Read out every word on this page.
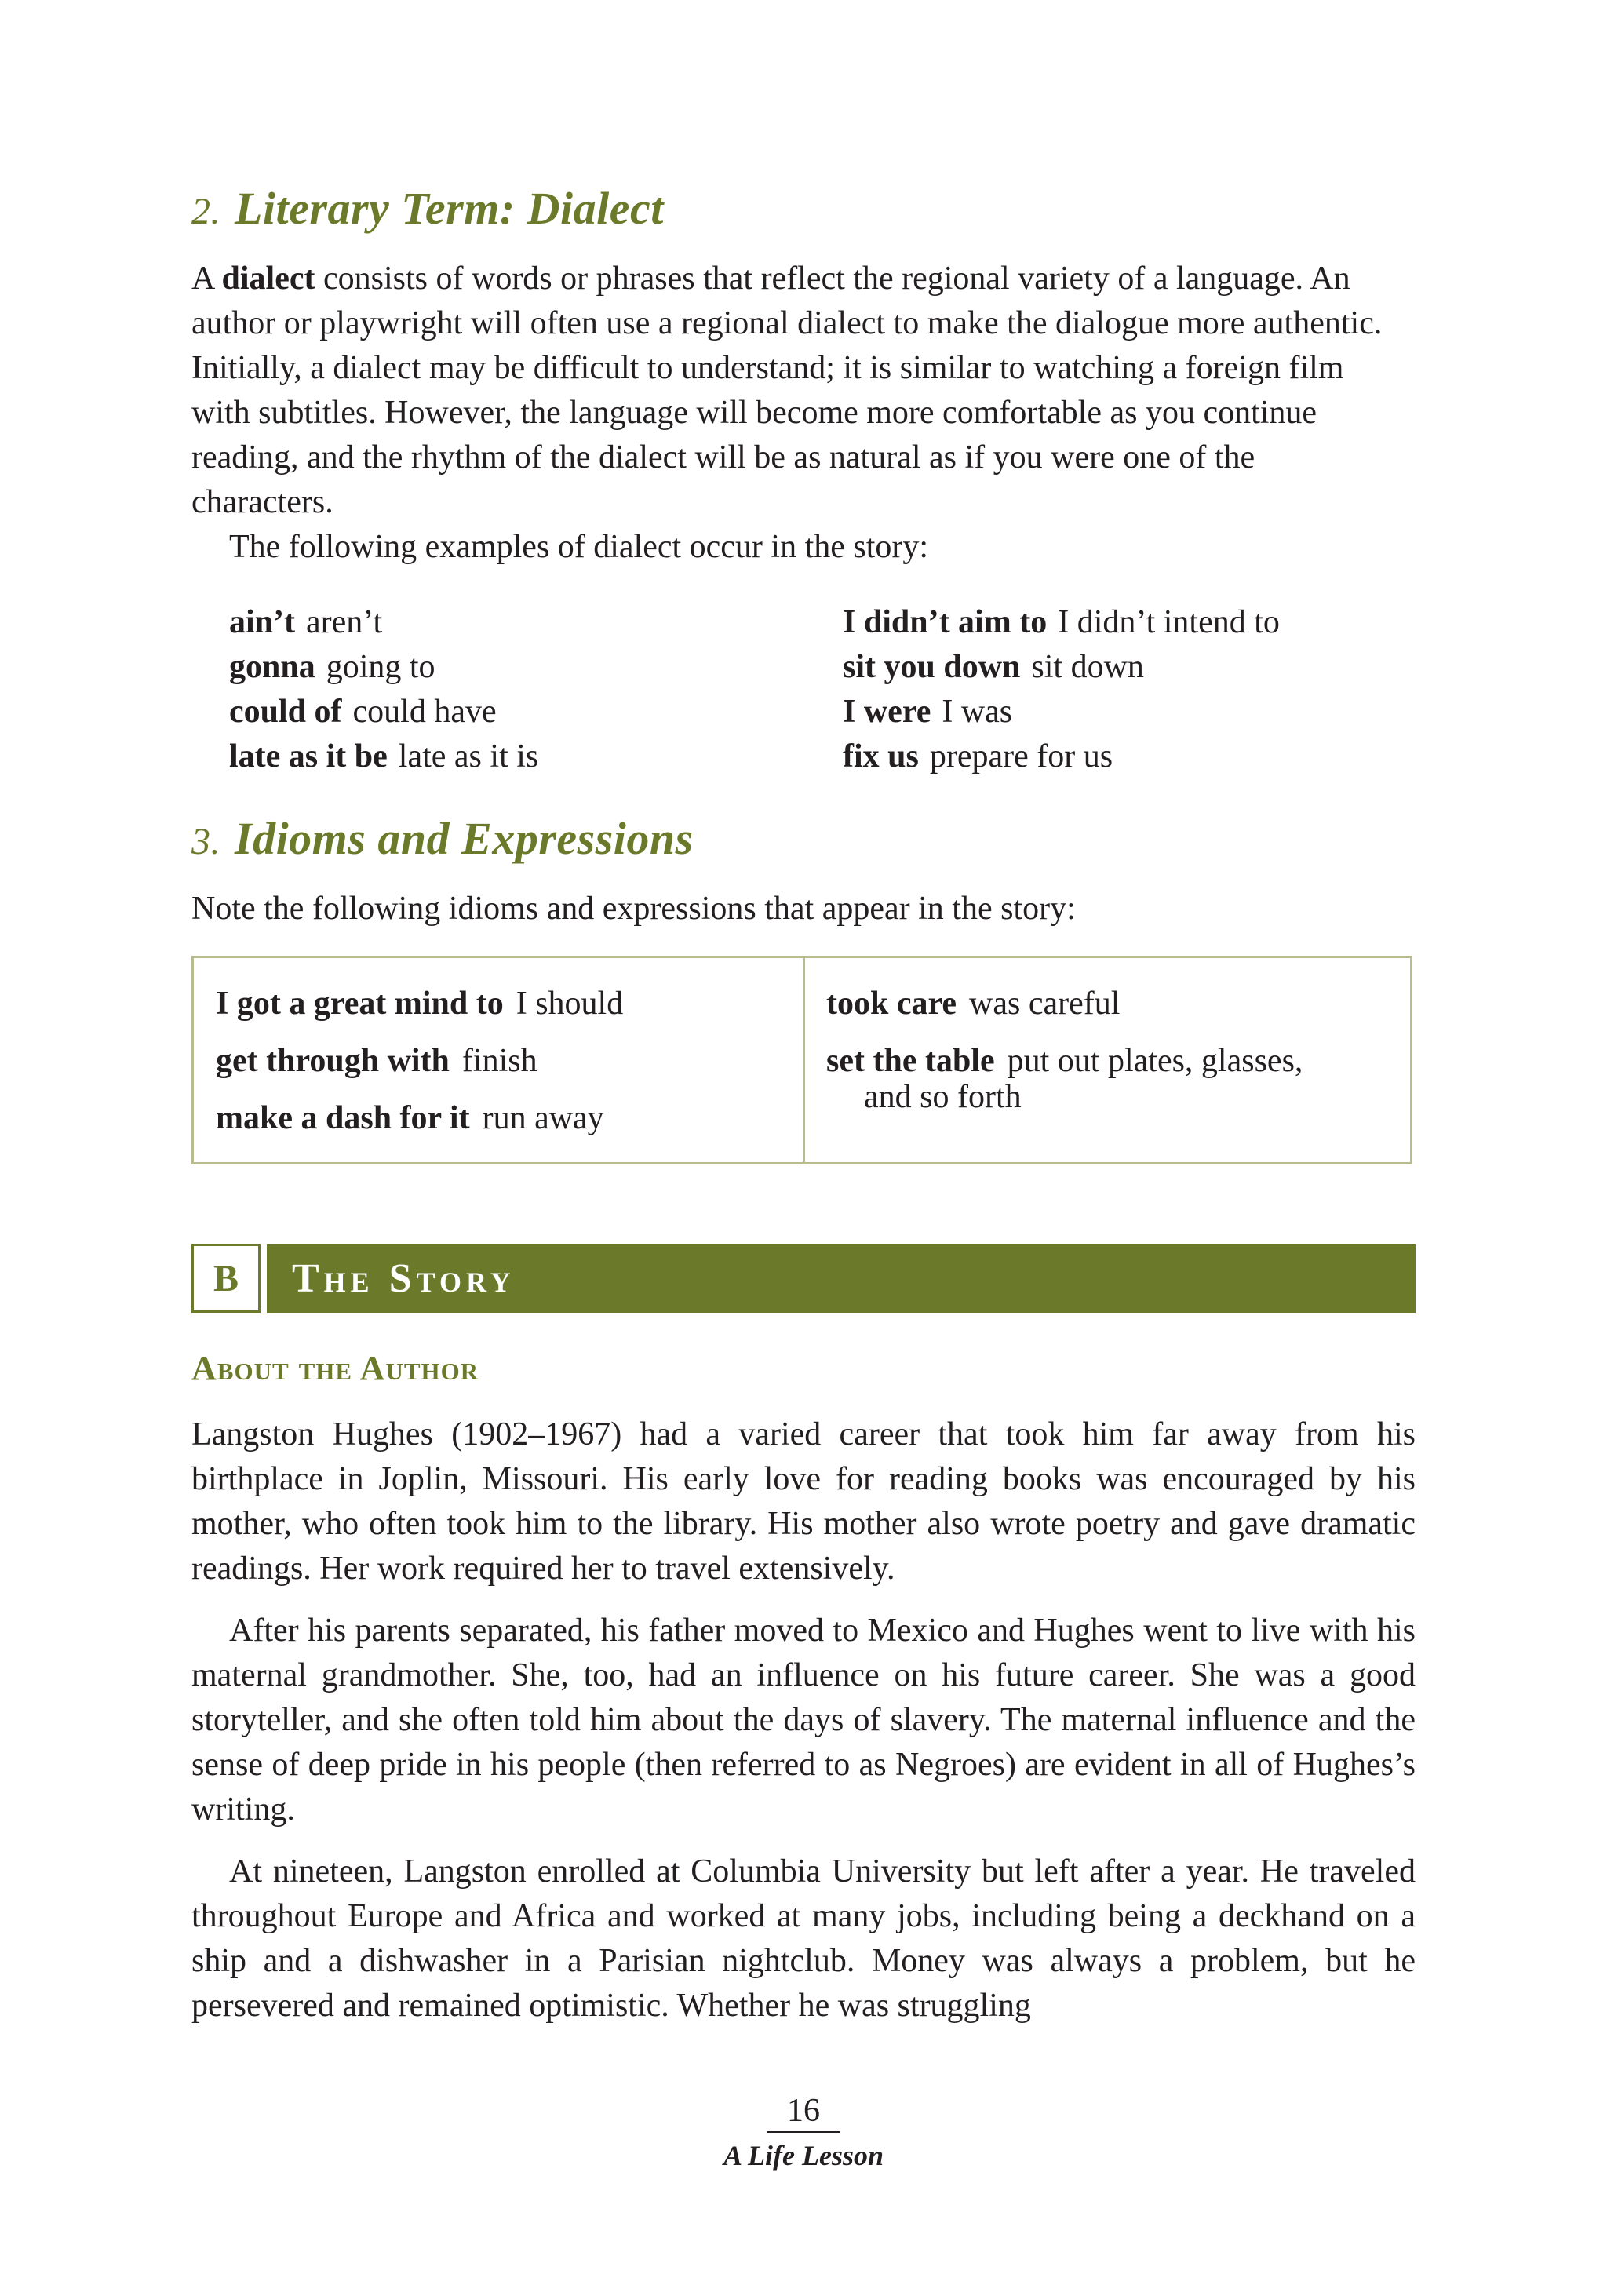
2. Literary Term: Dialect

A dialect consists of words or phrases that reflect the regional variety of a language. An author or playwright will often use a regional dialect to make the dialogue more authentic. Initially, a dialect may be difficult to understand; it is similar to watching a foreign film with subtitles. However, the language will become more comfortable as you continue reading, and the rhythm of the dialect will be as natural as if you were one of the characters.

The following examples of dialect occur in the story:

ain’t aren’t
gonna going to
could of could have
late as it be late as it is
I didn’t aim to I didn’t intend to
sit you down sit down
I were I was
fix us prepare for us
3. Idioms and Expressions

Note the following idioms and expressions that appear in the story:

I got a great mind to I should
get through with finish
make a dash for it run away
took care was careful
set the table put out plates, glasses,
and so forth
B	The Story
About the Author

Langston Hughes (1902–1967) had a varied career that took him far away from his birthplace in Joplin, Missouri. His early love for reading books was encouraged by his mother, who often took him to the library. His mother also wrote poetry and gave dramatic readings. Her work required her to travel extensively.

After his parents separated, his father moved to Mexico and Hughes went to live with his maternal grandmother. She, too, had an influence on his future career. She was a good storyteller, and she often told him about the days of slavery. The maternal influence and the sense of deep pride in his people (then referred to as Negroes) are evident in all of Hughes’s writing.

At nineteen, Langston enrolled at Columbia University but left after a year. He traveled throughout Europe and Africa and worked at many jobs, including being a deckhand on a ship and a dishwasher in a Parisian nightclub. Money was always a problem, but he persevered and remained optimistic. Whether he was struggling

16
A Life Lesson
